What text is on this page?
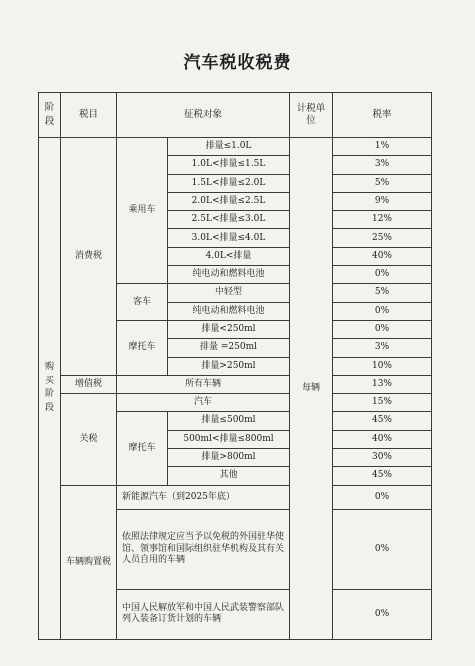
汽车税收税费
阶段	税目	征税对象		计税单位	税率
购买阶段	消费税	乘用车	排量≤1.0L	每辆	1%
			1.0L<排量≤1.5L		3%
			1.5L<排量≤2.0L		5%
			2.0L<排量≤2.5L		9%
			2.5L<排量≤3.0L		12%
			3.0L<排量≤4.0L		25%
			4.0L<排量		40%
			纯电动和燃料电池		0%
		客车	中轻型		5%
			纯电动和燃料电池		0%
		摩托车	排量<250ml		0%
			排量 =250ml		3%
			排量>250ml		10%
	增值税	所有车辆			13%
	关税	汽车			15%
		摩托车	排量≤500ml		45%
			500ml<排量≤800ml		40%
			排量>800ml		30%
			其他		45%
	车辆购置税	新能源汽车（到2025年底）			0%
		依照法律规定应当予以免税的外国驻华使馆、领事馆和国际组织驻华机构及其有关人员自用的车辆			0%
		中国人民解放军和中国人民武装警察部队列入装备订货计划的车辆			0%
